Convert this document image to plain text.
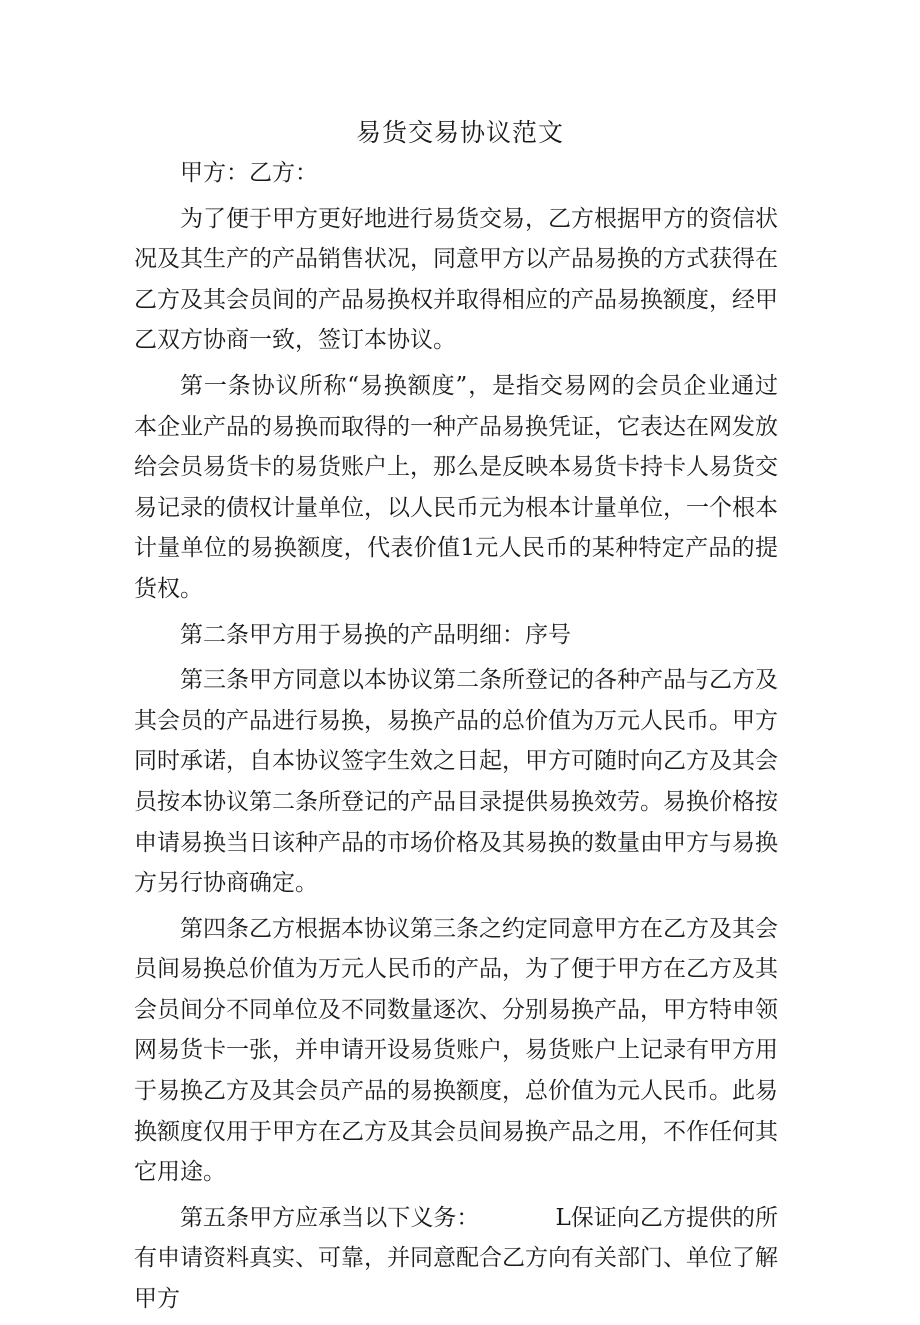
易货交易协议范文

甲方：乙方：

为了便于甲方更好地进行易货交易，乙方根据甲方的资信状况及其生产的产品销售状况，同意甲方以产品易换的方式获得在乙方及其会员间的产品易换权并取得相应的产品易换额度，经甲乙双方协商一致，签订本协议。

第一条协议所称“易换额度”，是指交易网的会员企业通过本企业产品的易换而取得的一种产品易换凭证，它表达在网发放给会员易货卡的易货账户上，那么是反映本易货卡持卡人易货交易记录的债权计量单位，以人民币元为根本计量单位，一个根本计量单位的易换额度，代表价值1元人民币的某种特定产品的提货权。

第二条甲方用于易换的产品明细：序号

第三条甲方同意以本协议第二条所登记的各种产品与乙方及其会员的产品进行易换，易换产品的总价值为万元人民币。甲方同时承诺，自本协议签字生效之日起，甲方可随时向乙方及其会员按本协议第二条所登记的产品目录提供易换效劳。易换价格按申请易换当日该种产品的市场价格及其易换的数量由甲方与易换方另行协商确定。

第四条乙方根据本协议第三条之约定同意甲方在乙方及其会员间易换总价值为万元人民币的产品，为了便于甲方在乙方及其会员间分不同单位及不同数量逐次、分别易换产品，甲方特申领网易货卡一张，并申请开设易货账户，易货账户上记录有甲方用于易换乙方及其会员产品的易换额度，总价值为元人民币。此易换额度仅用于甲方在乙方及其会员间易换产品之用，不作任何其它用途。

第五条甲方应承当以下义务：	L保证向乙方提供的所有申请资料真实、可靠，并同意配合乙方向有关部门、单位了解甲方
